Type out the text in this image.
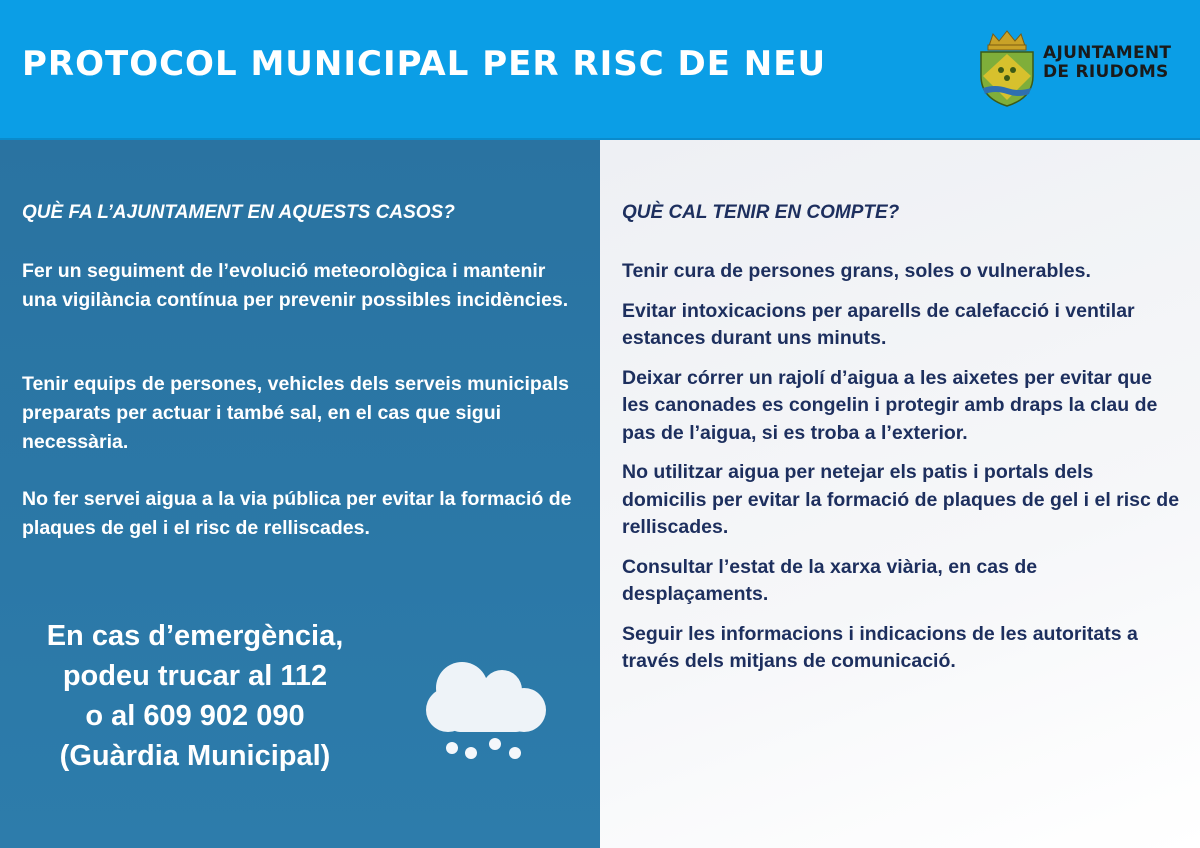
PROTOCOL MUNICIPAL PER RISC DE NEU	AJUNTAMENT
DE RIUDOMS
QUÈ FA L’AJUNTAMENT EN AQUESTS CASOS?
Fer un seguiment de l’evolució meteorològica i mantenir una vigilància contínua per prevenir possibles incidències.
Tenir equips de persones, vehicles dels serveis municipals preparats per actuar i també sal, en el cas que sigui necessària.
No fer servei aigua a la via pública per evitar la formació de plaques de gel i el risc de relliscades.
En cas d’emergència,
podeu trucar al 112
o al 609 902 090
(Guàrdia Municipal)
QUÈ CAL TENIR EN COMPTE?
Tenir cura de persones grans, soles o vulnerables.
Evitar intoxicacions per aparells de calefacció i ventilar estances durant uns minuts.
Deixar córrer un rajolí d’aigua a les aixetes per evitar que les canonades es congelin i protegir amb draps la clau de pas de l’aigua, si es troba a l’exterior.
No utilitzar aigua per netejar els patis i portals dels domicilis per evitar la formació de plaques de gel i el risc de relliscades.
Consultar l’estat de la xarxa viària, en cas de desplaçaments.
Seguir les informacions i indicacions de les autoritats a través dels mitjans de comunicació.
